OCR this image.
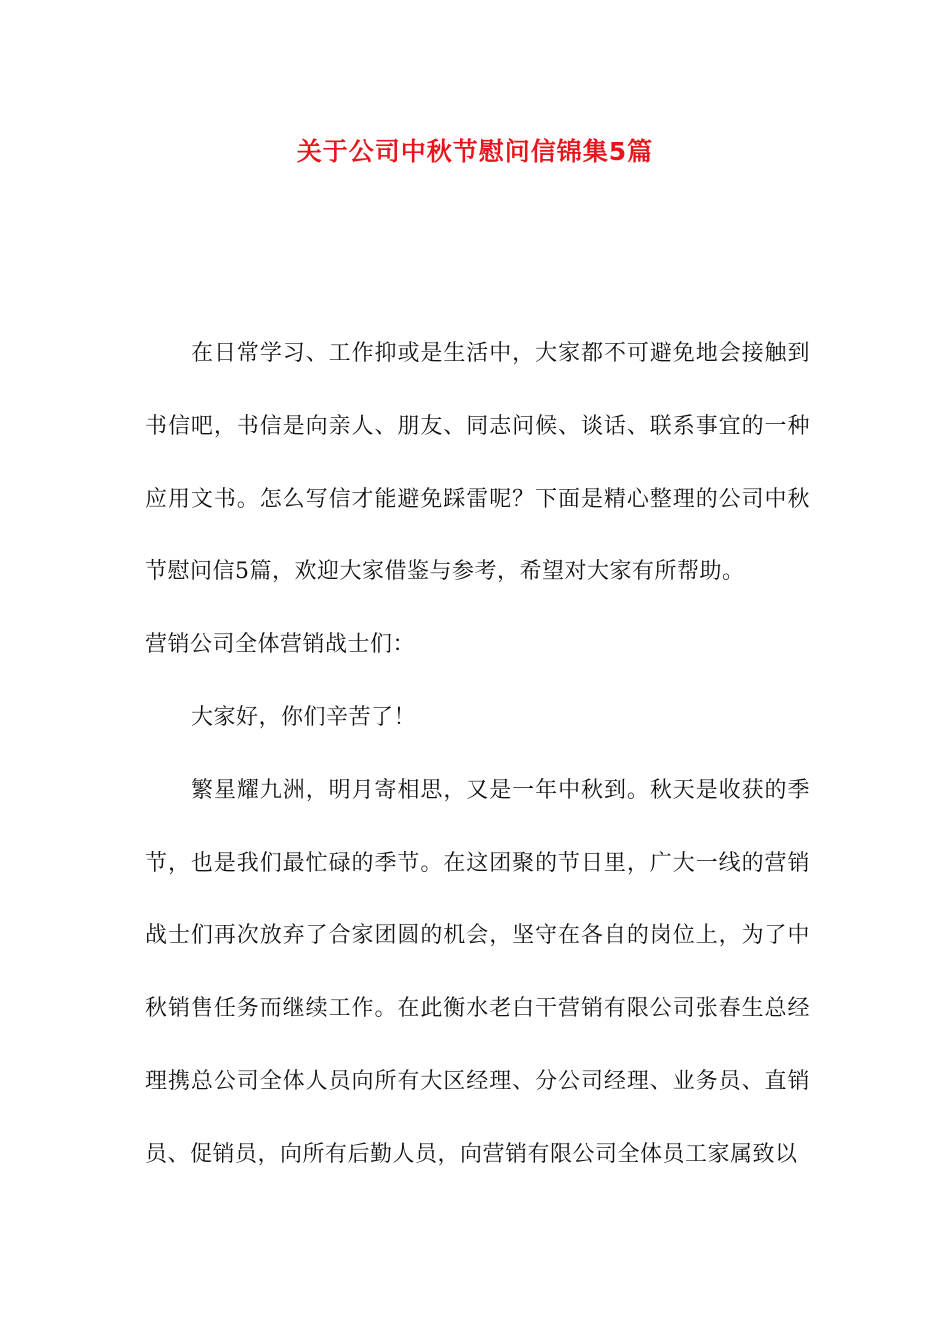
关于公司中秋节慰问信锦集5篇

在日常学习、工作抑或是生活中，大家都不可避免地会接触到书信吧，书信是向亲人、朋友、同志问候、谈话、联系事宜的一种应用文书。怎么写信才能避免踩雷呢？下面是精心整理的公司中秋节慰问信5篇，欢迎大家借鉴与参考，希望对大家有所帮助。

营销公司全体营销战士们：

大家好，你们辛苦了！

繁星耀九洲，明月寄相思，又是一年中秋到。秋天是收获的季节，也是我们最忙碌的季节。在这团聚的节日里，广大一线的营销战士们再次放弃了合家团圆的机会，坚守在各自的岗位上，为了中秋销售任务而继续工作。在此衡水老白干营销有限公司张春生总经理携总公司全体人员向所有大区经理、分公司经理、业务员、直销员、促销员，向所有后勤人员，向营销有限公司全体员工家属致以
